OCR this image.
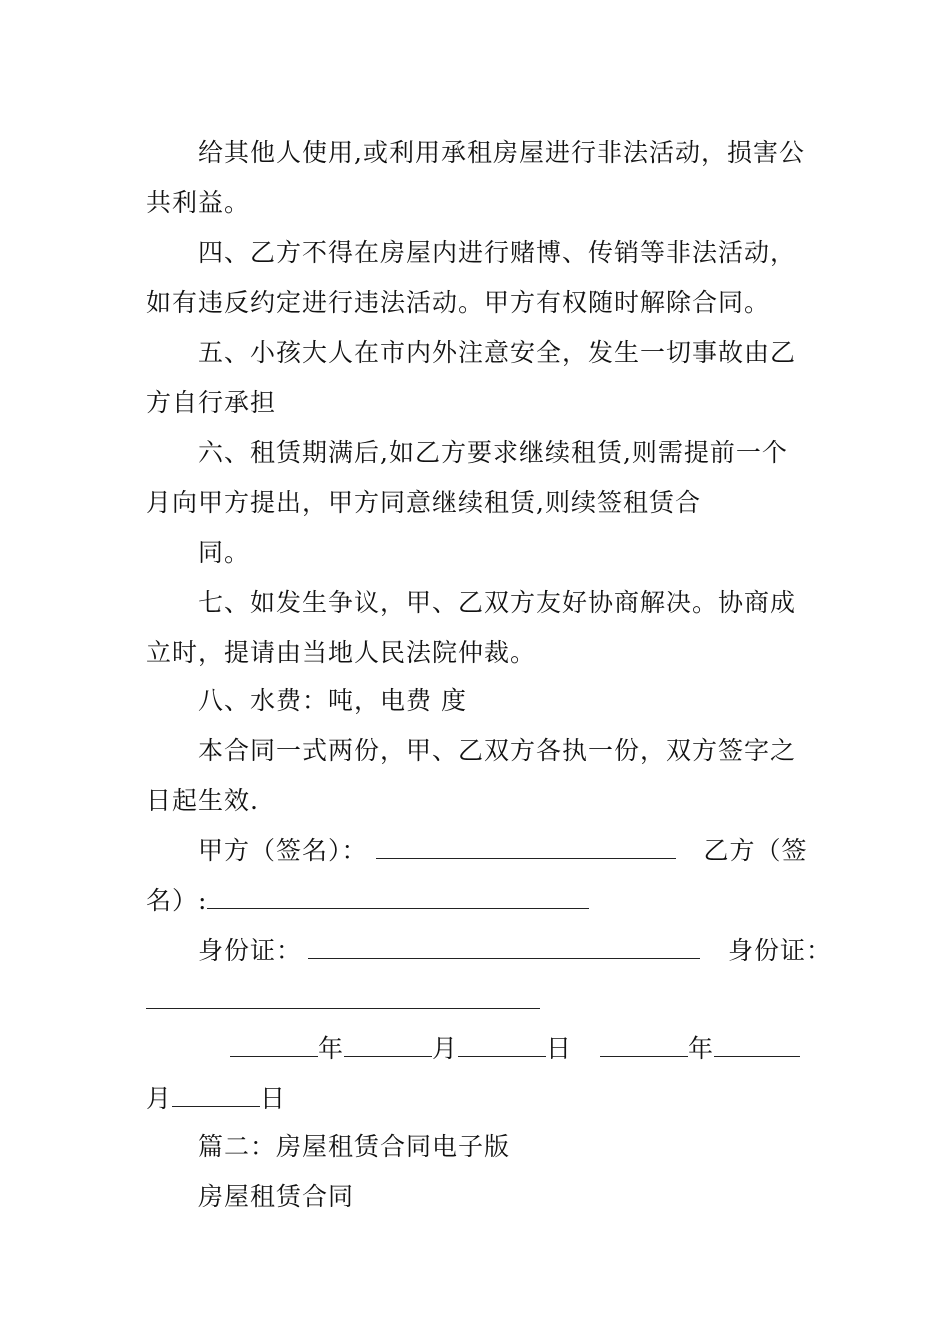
给其他人使用,或利用承租房屋进行非法活动，损害公
共利益。
四、乙方不得在房屋内进行赌博、传销等非法活动，
如有违反约定进行违法活动。甲方有权随时解除合同。
五、小孩大人在市内外注意安全，发生一切事故由乙
方自行承担
六、租赁期满后,如乙方要求继续租赁,则需提前一个
月向甲方提出，甲方同意继续租赁,则续签租赁合
同。
七、如发生争议，甲、乙双方友好协商解决。协商成
立时，提请由当地人民法院仲裁。
八、水费：吨，电费 度
本合同一式两份，甲、乙双方各执一份，双方签字之
日起生效.
甲方（签名）：	乙方（签
名）:
身份证：	身份证：
年	月	日	年
月	日
篇二：房屋租赁合同电子版
房屋租赁合同
